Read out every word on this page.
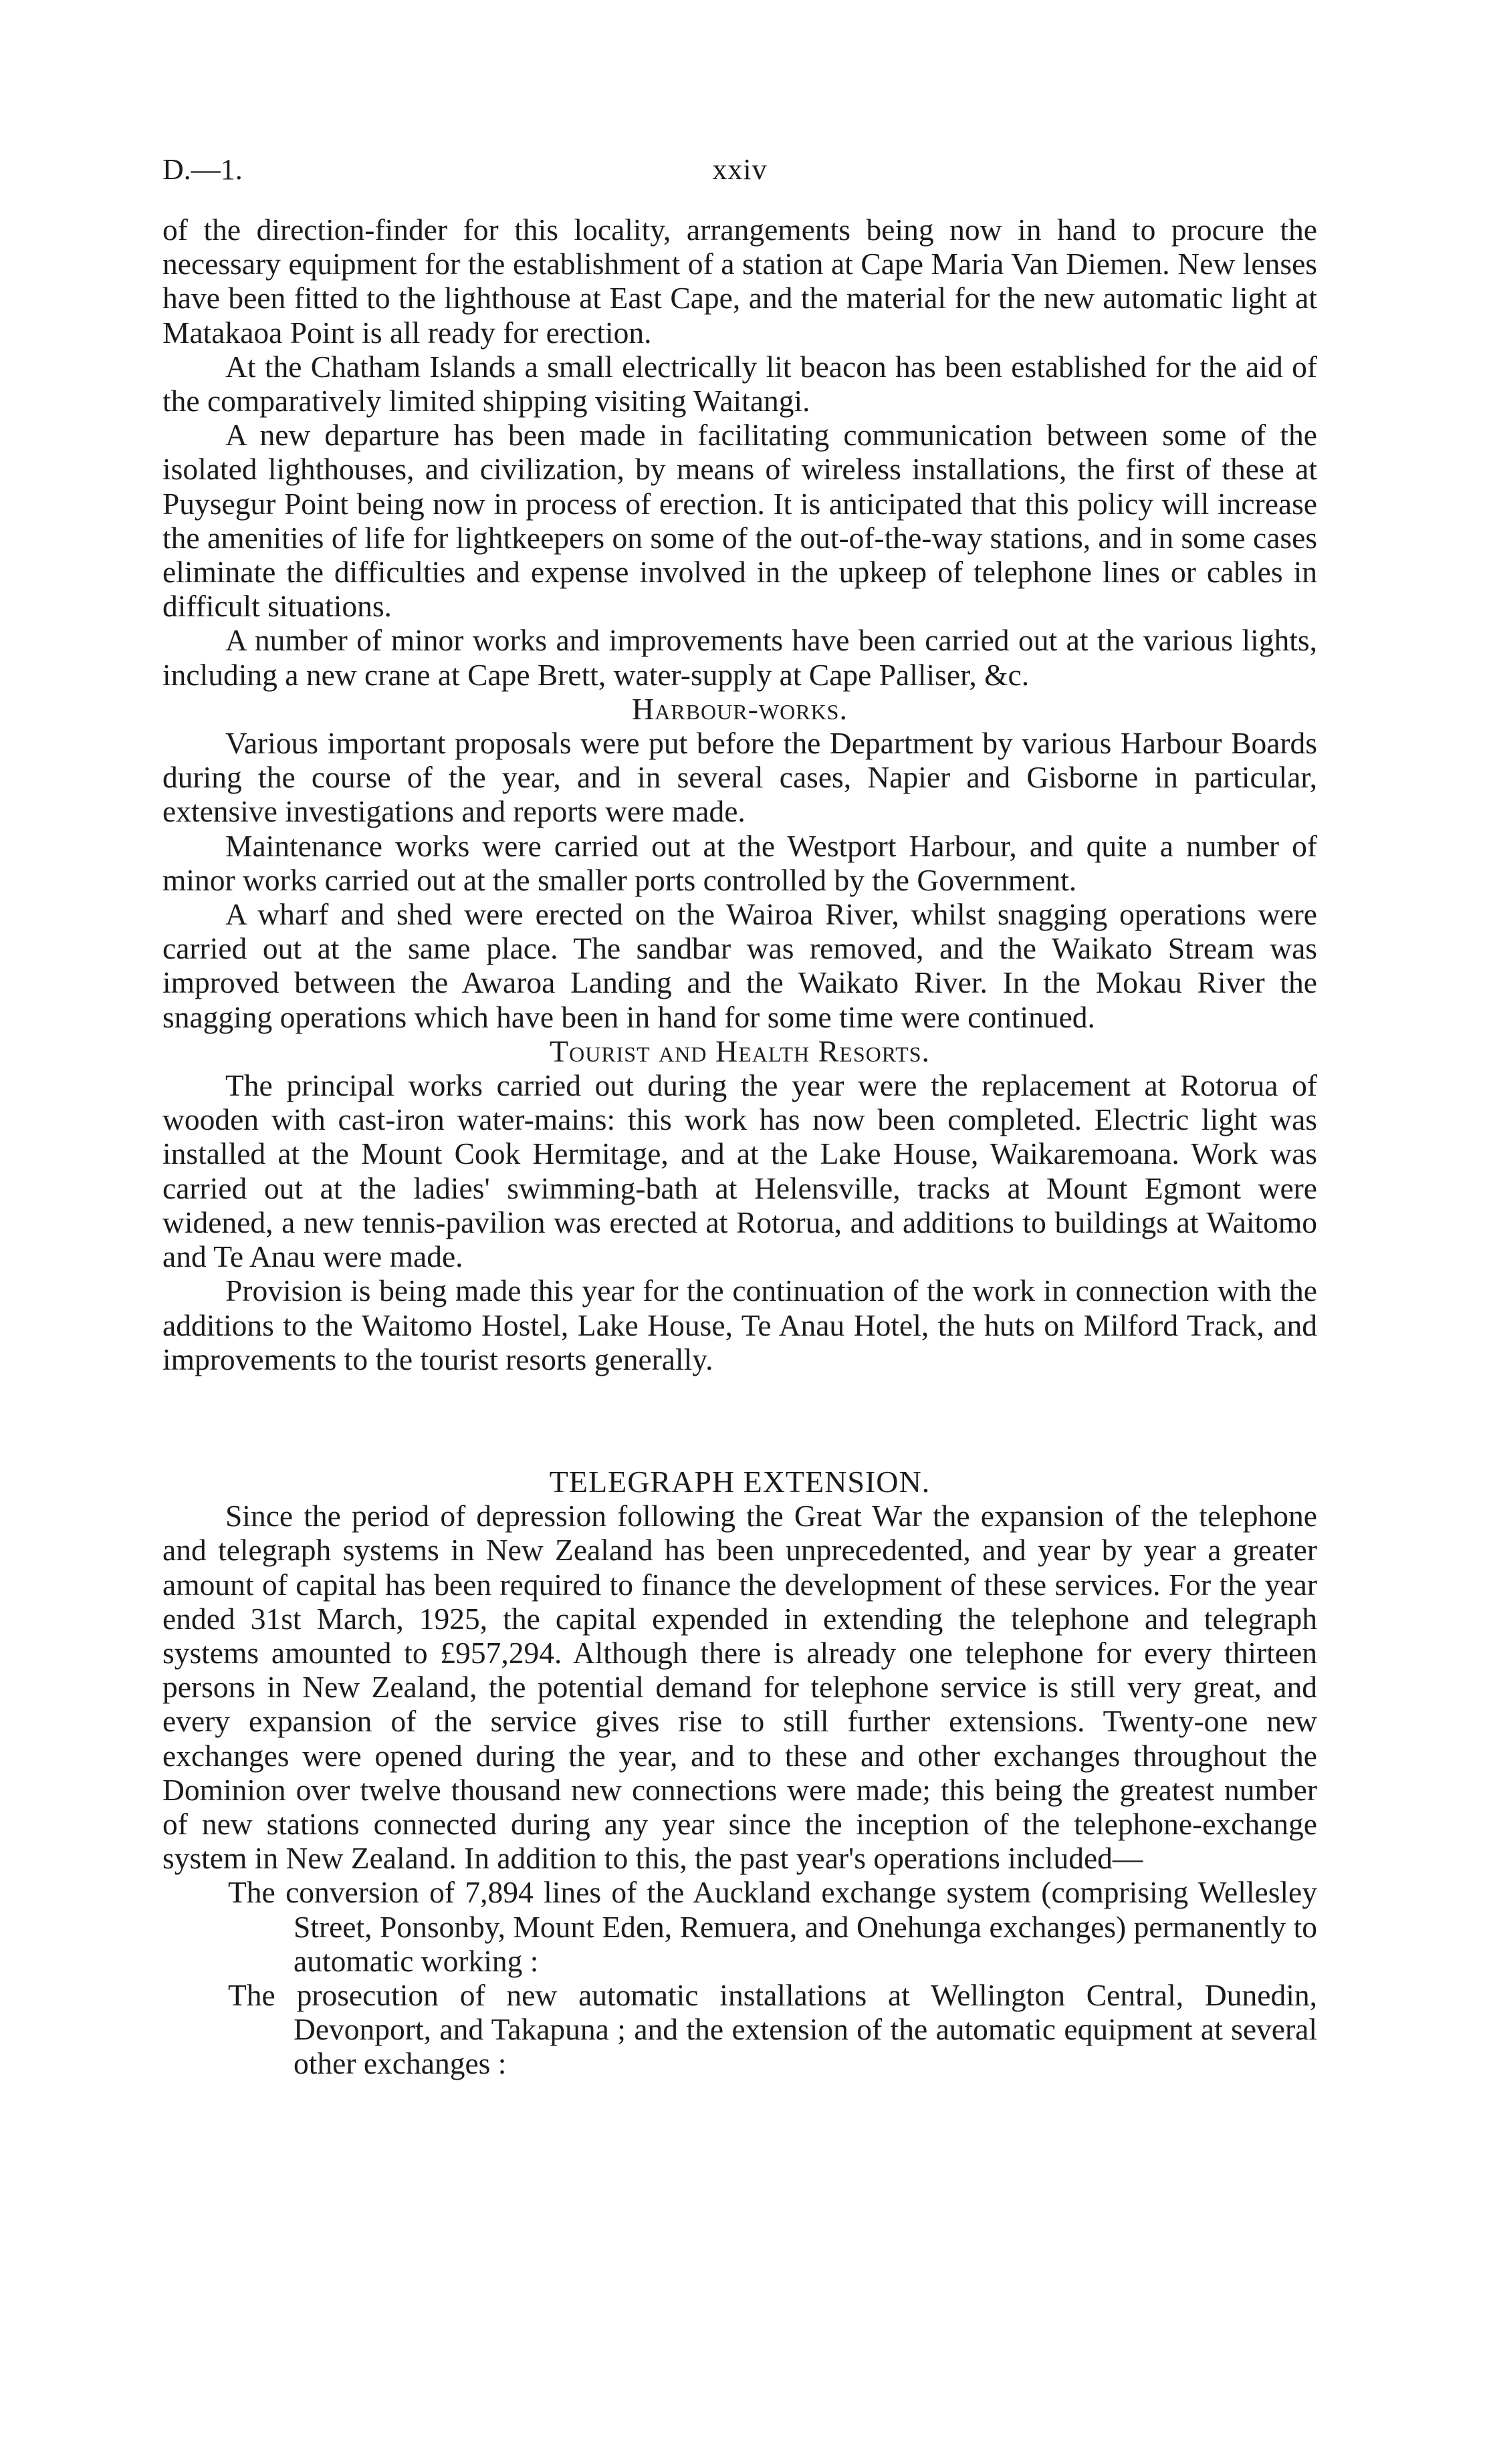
D.—1.	xxiv

of the direction-finder for this locality, arrangements being now in hand to procure the necessary equipment for the establishment of a station at Cape Maria Van Diemen. New lenses have been fitted to the lighthouse at East Cape, and the material for the new automatic light at Matakaoa Point is all ready for erection.

At the Chatham Islands a small electrically lit beacon has been established for the aid of the comparatively limited shipping visiting Waitangi.

A new departure has been made in facilitating communication between some of the isolated lighthouses, and civilization, by means of wireless installations, the first of these at Puysegur Point being now in process of erection. It is anticipated that this policy will increase the amenities of life for lightkeepers on some of the out-of-the-way stations, and in some cases eliminate the difficulties and expense involved in the upkeep of telephone lines or cables in difficult situations.

A number of minor works and improvements have been carried out at the various lights, including a new crane at Cape Brett, water-supply at Cape Palliser, &c.

Harbour-works.

Various important proposals were put before the Department by various Harbour Boards during the course of the year, and in several cases, Napier and Gisborne in particular, extensive investigations and reports were made.

Maintenance works were carried out at the Westport Harbour, and quite a number of minor works carried out at the smaller ports controlled by the Government.

A wharf and shed were erected on the Wairoa River, whilst snagging operations were carried out at the same place. The sandbar was removed, and the Waikato Stream was improved between the Awaroa Landing and the Waikato River. In the Mokau River the snagging operations which have been in hand for some time were continued.

Tourist and Health Resorts.

The principal works carried out during the year were the replacement at Rotorua of wooden with cast-iron water-mains: this work has now been completed. Electric light was installed at the Mount Cook Hermitage, and at the Lake House, Waikaremoana. Work was carried out at the ladies' swimming-bath at Helensville, tracks at Mount Egmont were widened, a new tennis-pavilion was erected at Rotorua, and additions to buildings at Waitomo and Te Anau were made.

Provision is being made this year for the continuation of the work in connection with the additions to the Waitomo Hostel, Lake House, Te Anau Hotel, the huts on Milford Track, and improvements to the tourist resorts generally.

TELEGRAPH EXTENSION.

Since the period of depression following the Great War the expansion of the telephone and telegraph systems in New Zealand has been unprecedented, and year by year a greater amount of capital has been required to finance the development of these services. For the year ended 31st March, 1925, the capital expended in extending the telephone and telegraph systems amounted to £957,294. Although there is already one telephone for every thirteen persons in New Zealand, the potential demand for telephone service is still very great, and every expansion of the service gives rise to still further extensions. Twenty-one new exchanges were opened during the year, and to these and other exchanges throughout the Dominion over twelve thousand new connections were made; this being the greatest number of new stations connected during any year since the inception of the telephone-exchange system in New Zealand. In addition to this, the past year's operations included—

The conversion of 7,894 lines of the Auckland exchange system (comprising Wellesley Street, Ponsonby, Mount Eden, Remuera, and Onehunga exchanges) permanently to automatic working :

The prosecution of new automatic installations at Wellington Central, Dunedin, Devonport, and Takapuna ; and the extension of the automatic equipment at several other exchanges :
